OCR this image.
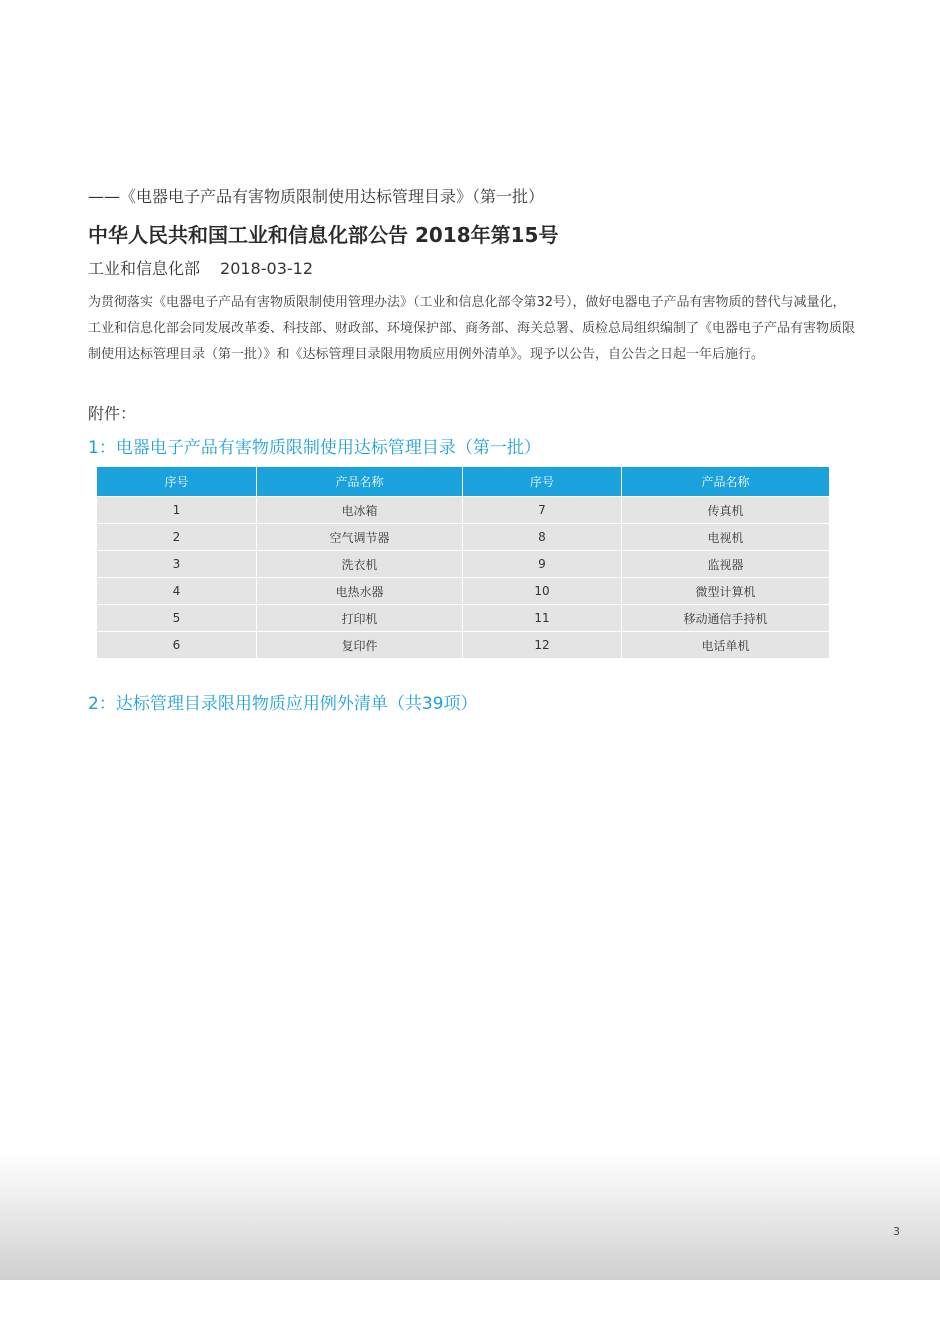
——《电器电子产品有害物质限制使用达标管理目录》（第一批）
中华人民共和国工业和信息化部公告 2018年第15号
工业和信息化部 2018-03-12
为贯彻落实《电器电子产品有害物质限制使用管理办法》（工业和信息化部令第32号），做好电器电子产品有害物质的替代与减量化，工业和信息化部会同发展改革委、科技部、财政部、环境保护部、商务部、海关总署、质检总局组织编制了《电器电子产品有害物质限制使用达标管理目录（第一批）》和《达标管理目录限用物质应用例外清单》。现予以公告，自公告之日起一年后施行。
附件：
1：电器电子产品有害物质限制使用达标管理目录（第一批）
序号	产品名称	序号	产品名称
1	电冰箱	7	传真机
2	空气调节器	8	电视机
3	洗衣机	9	监视器
4	电热水器	10	微型计算机
5	打印机	11	移动通信手持机
6	复印件	12	电话单机
2：达标管理目录限用物质应用例外清单（共39项）
3
